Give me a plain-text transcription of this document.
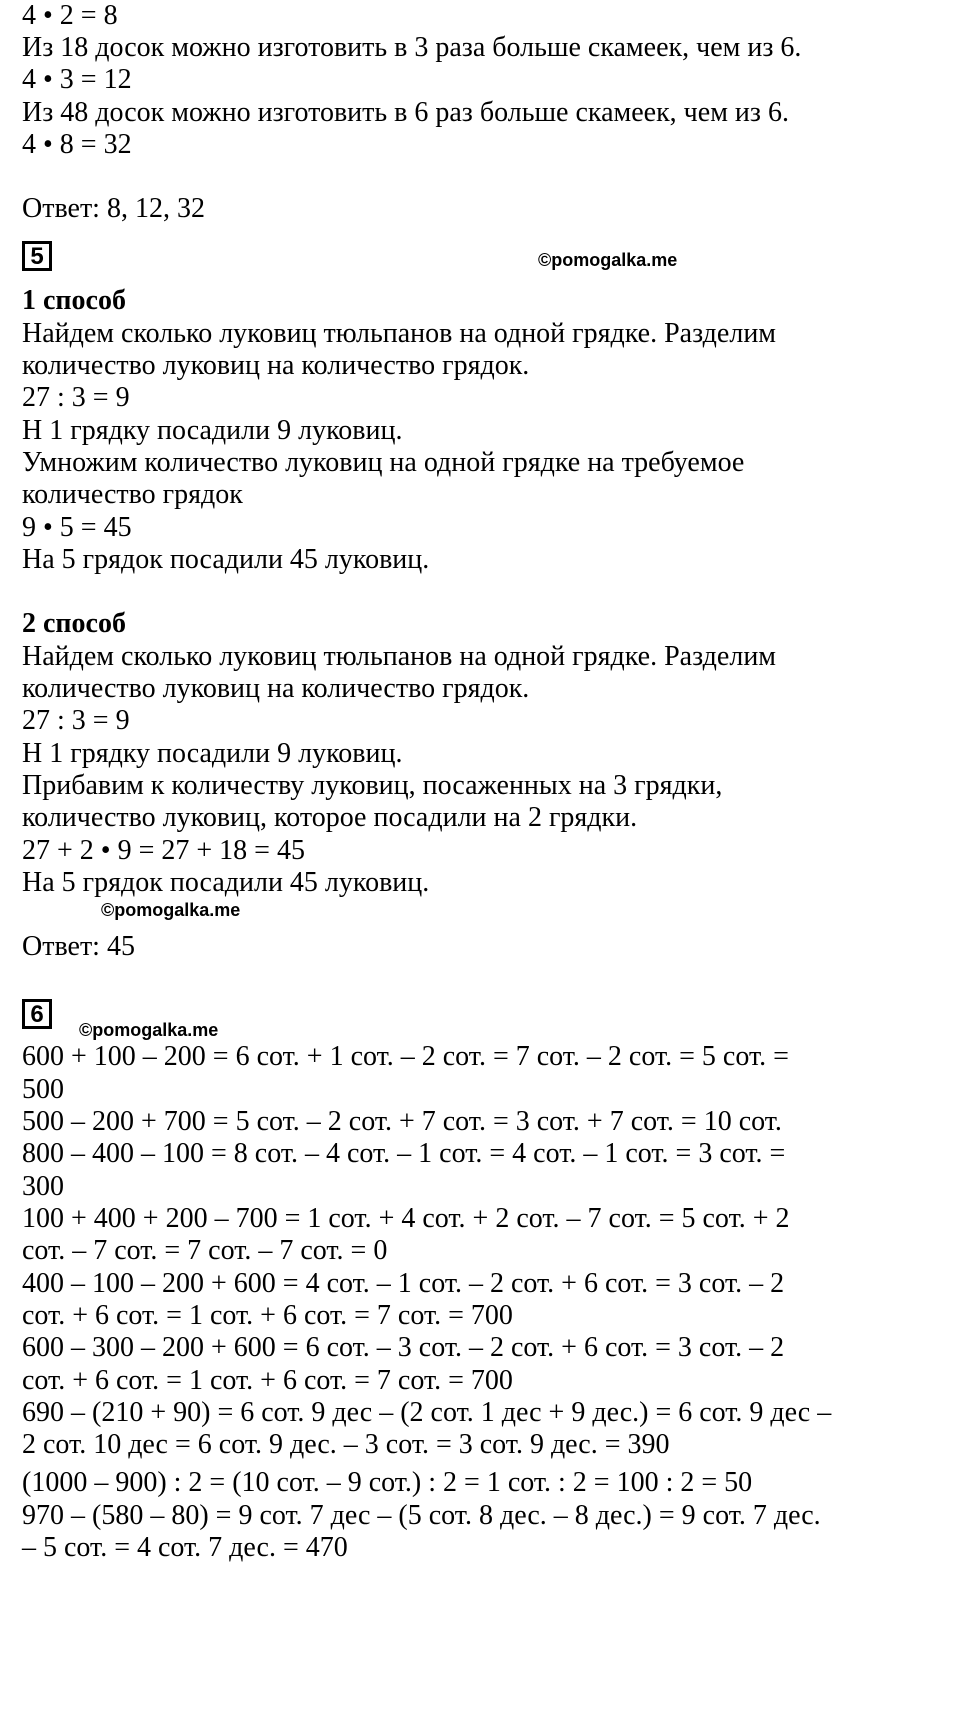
4 • 2 = 8
Из 18 досок можно изготовить в 3 раза больше скамеек, чем из 6.
4 • 3 = 12
Из 48 досок можно изготовить в 6 раз больше скамеек, чем из 6.
4 • 8 = 32
Ответ: 8, 12, 32
5	©pomogalka.me
1 способ
Найдем сколько луковиц тюльпанов на одной грядке. Разделим
количество луковиц на количество грядок.
27 : 3 = 9
Н 1 грядку посадили 9 луковиц.
Умножим количество луковиц на одной грядке на требуемое
количество грядок
9 • 5 = 45
На 5 грядок посадили 45 луковиц.
2 способ
Найдем сколько луковиц тюльпанов на одной грядке. Разделим
количество луковиц на количество грядок.
27 : 3 = 9
Н 1 грядку посадили 9 луковиц.
Прибавим к количеству луковиц, посаженных на 3 грядки,
количество луковиц, которое посадили на 2 грядки.
27 + 2 • 9 = 27 + 18 = 45
На 5 грядок посадили 45 луковиц.
©pomogalka.me
Ответ: 45
6
©pomogalka.me
600 + 100 – 200 = 6 сот. + 1 сот. – 2 сот. = 7 сот. – 2 сот. = 5 сот. =
500
500 – 200 + 700 = 5 сот. – 2 сот. + 7 сот. = 3 сот. + 7 сот. = 10 сот.
800 – 400 – 100 = 8 сот. – 4 сот. – 1 сот. = 4 сот. – 1 сот. = 3 сот. =
300
100 + 400 + 200 – 700 = 1 сот. + 4 сот. + 2 сот. – 7 сот. = 5 сот. + 2
сот. – 7 сот. = 7 сот. – 7 сот. = 0
400 – 100 – 200 + 600 = 4 сот. – 1 сот. – 2 сот. + 6 сот. = 3 сот. – 2
сот. + 6 сот. = 1 сот. + 6 сот. = 7 сот. = 700
600 – 300 – 200 + 600 = 6 сот. – 3 сот. – 2 сот. + 6 сот. = 3 сот. – 2
сот. + 6 сот. = 1 сот. + 6 сот. = 7 сот. = 700
690 – (210 + 90) = 6 сот. 9 дес – (2 сот. 1 дес + 9 дес.) = 6 сот. 9 дес –
2 сот. 10 дес = 6 сот. 9 дес. – 3 сот. = 3 сот. 9 дес. = 390
(1000 – 900) : 2 = (10 сот. – 9 сот.) : 2 = 1 сот. : 2 = 100 : 2 = 50
970 – (580 – 80) = 9 сот. 7 дес – (5 сот. 8 дес. – 8 дес.) = 9 сот. 7 дес.
– 5 сот. = 4 сот. 7 дес. = 470
